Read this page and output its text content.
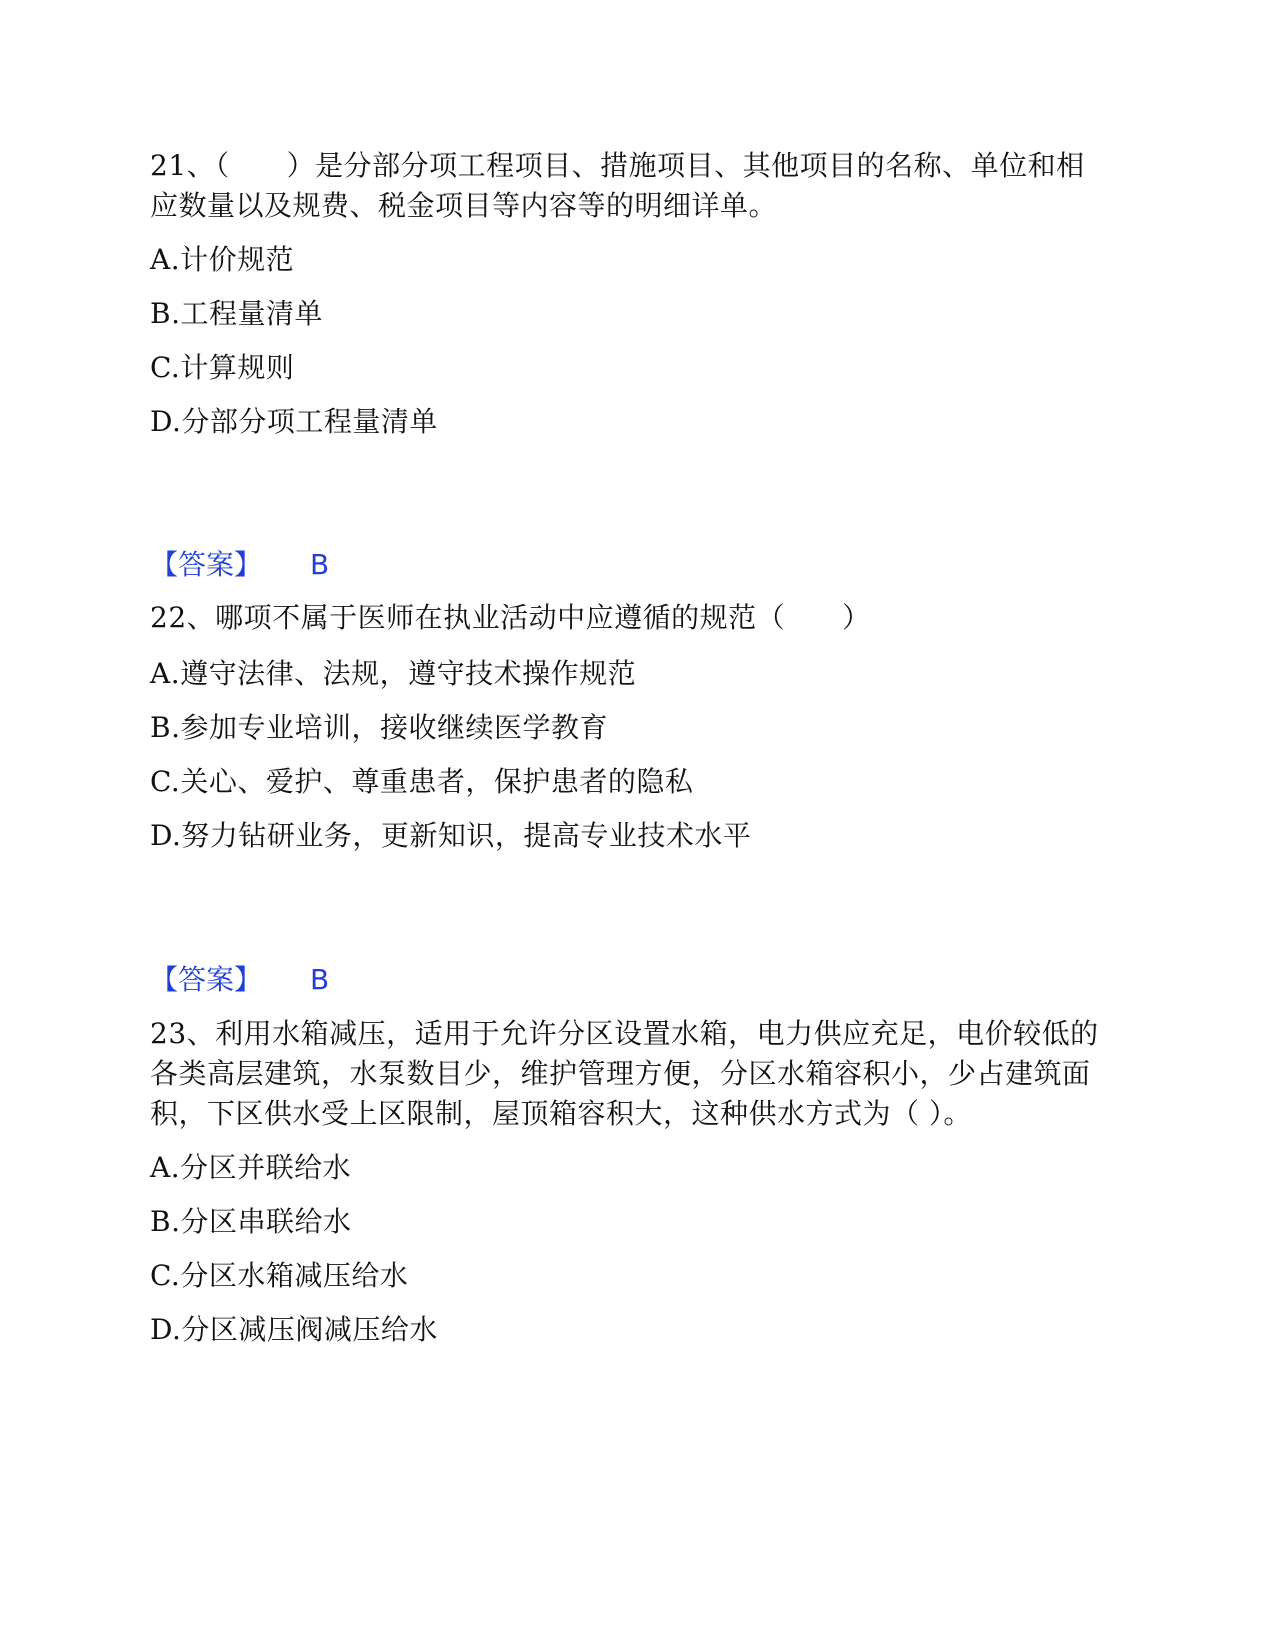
21、（　　）是分部分项工程项目、措施项目、其他项目的名称、单位和相应数量以及规费、税金项目等内容等的明细详单。

A.计价规范

B.工程量清单

C.计算规则

D.分部分项工程量清单

【答案】 B

22、哪项不属于医师在执业活动中应遵循的规范（　　）

A.遵守法律、法规，遵守技术操作规范

B.参加专业培训，接收继续医学教育

C.关心、爱护、尊重患者，保护患者的隐私

D.努力钻研业务，更新知识，提高专业技术水平

【答案】 B

23、利用水箱减压，适用于允许分区设置水箱，电力供应充足，电价较低的各类高层建筑，水泵数目少，维护管理方便，分区水箱容积小，少占建筑面积，下区供水受上区限制，屋顶箱容积大，这种供水方式为（ ）。

A.分区并联给水

B.分区串联给水

C.分区水箱减压给水

D.分区减压阀减压给水
